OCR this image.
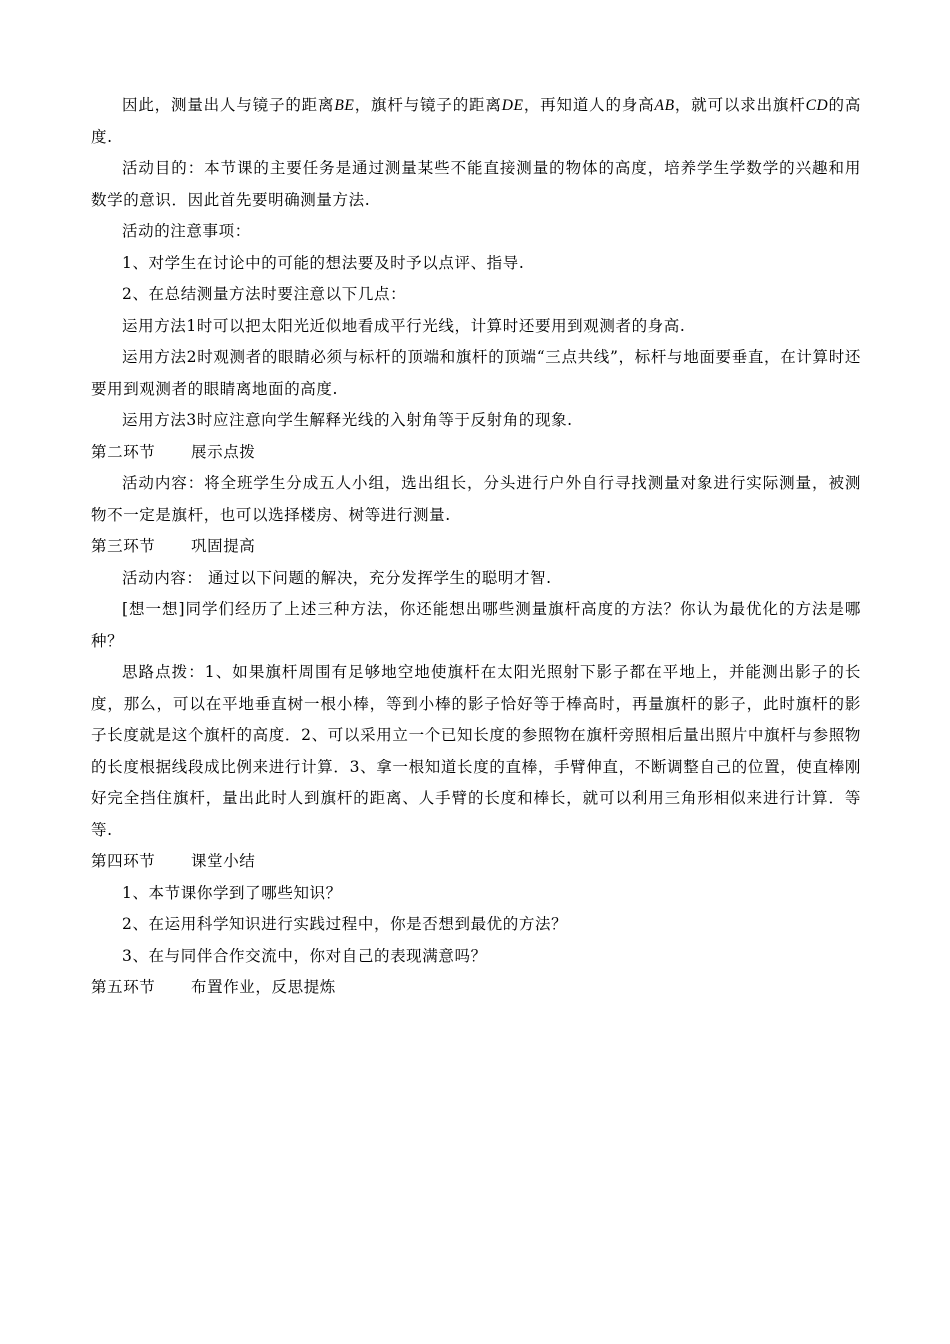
因此，测量出人与镜子的距离BE，旗杆与镜子的距离DE，再知道人的身高AB，就可以求出旗杆CD的高度.

活动目的：本节课的主要任务是通过测量某些不能直接测量的物体的高度，培养学生学数学的兴趣和用数学的意识．因此首先要明确测量方法.

活动的注意事项：

1、对学生在讨论中的可能的想法要及时予以点评、指导.

2、在总结测量方法时要注意以下几点：

运用方法1时可以把太阳光近似地看成平行光线，计算时还要用到观测者的身高.

运用方法2时观测者的眼睛必须与标杆的顶端和旗杆的顶端“三点共线”，标杆与地面要垂直，在计算时还要用到观测者的眼睛离地面的高度.

运用方法3时应注意向学生解释光线的入射角等于反射角的现象.

第二环节 展示点拨

活动内容：将全班学生分成五人小组，选出组长，分头进行户外自行寻找测量对象进行实际测量，被测物不一定是旗杆，也可以选择楼房、树等进行测量.

第三环节 巩固提高

活动内容： 通过以下问题的解决，充分发挥学生的聪明才智.

[想一想]同学们经历了上述三种方法，你还能想出哪些测量旗杆高度的方法？你认为最优化的方法是哪种？

思路点拨：1、如果旗杆周围有足够地空地使旗杆在太阳光照射下影子都在平地上，并能测出影子的长度，那么，可以在平地垂直树一根小棒，等到小棒的影子恰好等于棒高时，再量旗杆的影子，此时旗杆的影子长度就是这个旗杆的高度．2、可以采用立一个已知长度的参照物在旗杆旁照相后量出照片中旗杆与参照物的长度根据线段成比例来进行计算．3、拿一根知道长度的直棒，手臂伸直，不断调整自己的位置，使直棒刚好完全挡住旗杆，量出此时人到旗杆的距离、人手臂的长度和棒长，就可以利用三角形相似来进行计算．等等.

第四环节 课堂小结

1、本节课你学到了哪些知识？

2、在运用科学知识进行实践过程中，你是否想到最优的方法？

3、在与同伴合作交流中，你对自己的表现满意吗？

第五环节 布置作业，反思提炼
